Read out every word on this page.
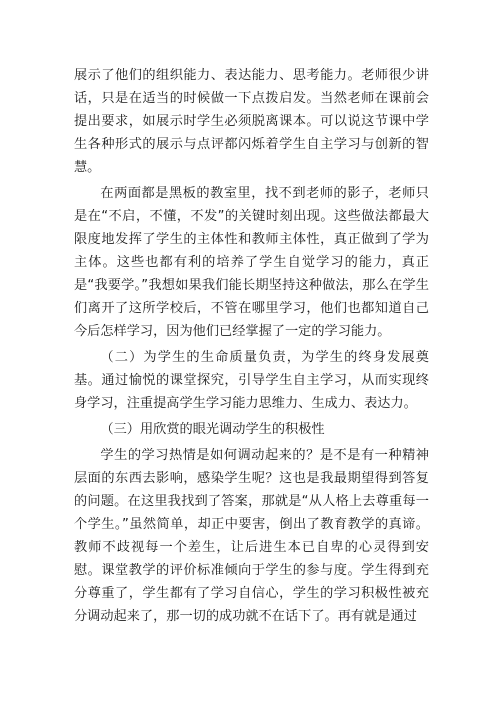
展示了他们的组织能力、表达能力、思考能力。老师很少讲话，只是在适当的时候做一下点拨启发。当然老师在课前会提出要求，如展示时学生必须脱离课本。可以说这节课中学生各种形式的展示与点评都闪烁着学生自主学习与创新的智慧。

在两面都是黑板的教室里，找不到老师的影子，老师只是在“不启，不懂，不发”的关键时刻出现。这些做法都最大限度地发挥了学生的主体性和教师主体性，真正做到了学为主体。这些也都有利的培养了学生自觉学习的能力，真正是“我要学。”我想如果我们能长期坚持这种做法，那么在学生们离开了这所学校后，不管在哪里学习，他们也都知道自己今后怎样学习，因为他们已经掌握了一定的学习能力。

（二）为学生的生命质量负责，为学生的终身发展奠基。通过愉悦的课堂探究，引导学生自主学习，从而实现终身学习，注重提高学生学习能力思维力、生成力、表达力。

（三）用欣赏的眼光调动学生的积极性

学生的学习热情是如何调动起来的？是不是有一种精神层面的东西去影响，感染学生呢？这也是我最期望得到答复的问题。在这里我找到了答案，那就是“从人格上去尊重每一个学生。”虽然简单，却正中要害，倒出了教育教学的真谛。教师不歧视每一个差生，让后进生本已自卑的心灵得到安慰。课堂教学的评价标准倾向于学生的参与度。学生得到充分尊重了，学生都有了学习自信心，学生的学习积极性被充分调动起来了，那一切的成功就不在话下了。再有就是通过
